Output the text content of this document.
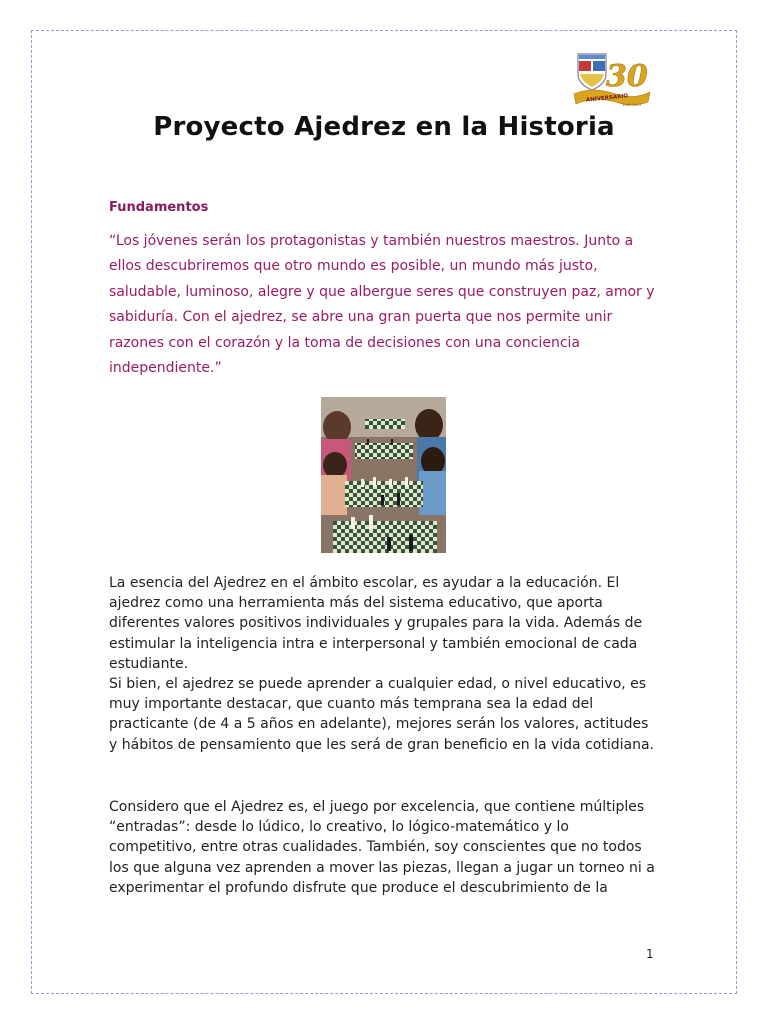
30
ANIVERSARIO
1985-2015
Proyecto Ajedrez en la Historia
Fundamentos
“Los jóvenes serán los protagonistas y también nuestros maestros. Junto a ellos descubriremos que otro mundo es posible, un mundo más justo, saludable, luminoso, alegre y que albergue seres que construyen paz, amor y sabiduría. Con el ajedrez, se abre una gran puerta que nos permite unir razones con el corazón y la toma de decisiones con una conciencia independiente.”
La esencia del Ajedrez en el ámbito escolar, es ayudar a la educación. El ajedrez como una herramienta más del sistema educativo, que aporta diferentes valores positivos individuales y grupales para la vida. Además de estimular la inteligencia intra e interpersonal y también emocional de cada estudiante.
Si bien, el ajedrez se puede aprender a cualquier edad, o nivel educativo, es muy importante destacar, que cuanto más temprana sea la edad del practicante (de 4 a 5 años en adelante), mejores serán los valores, actitudes y hábitos de pensamiento que les será de gran beneficio en la vida cotidiana.
Considero que el Ajedrez es, el juego por excelencia, que contiene múltiples “entradas”: desde lo lúdico, lo creativo, lo lógico-matemático y lo competitivo, entre otras cualidades. También, soy conscientes que no todos los que alguna vez aprenden a mover las piezas, llegan a jugar un torneo ni a experimentar el profundo disfrute que produce el descubrimiento de la
1
